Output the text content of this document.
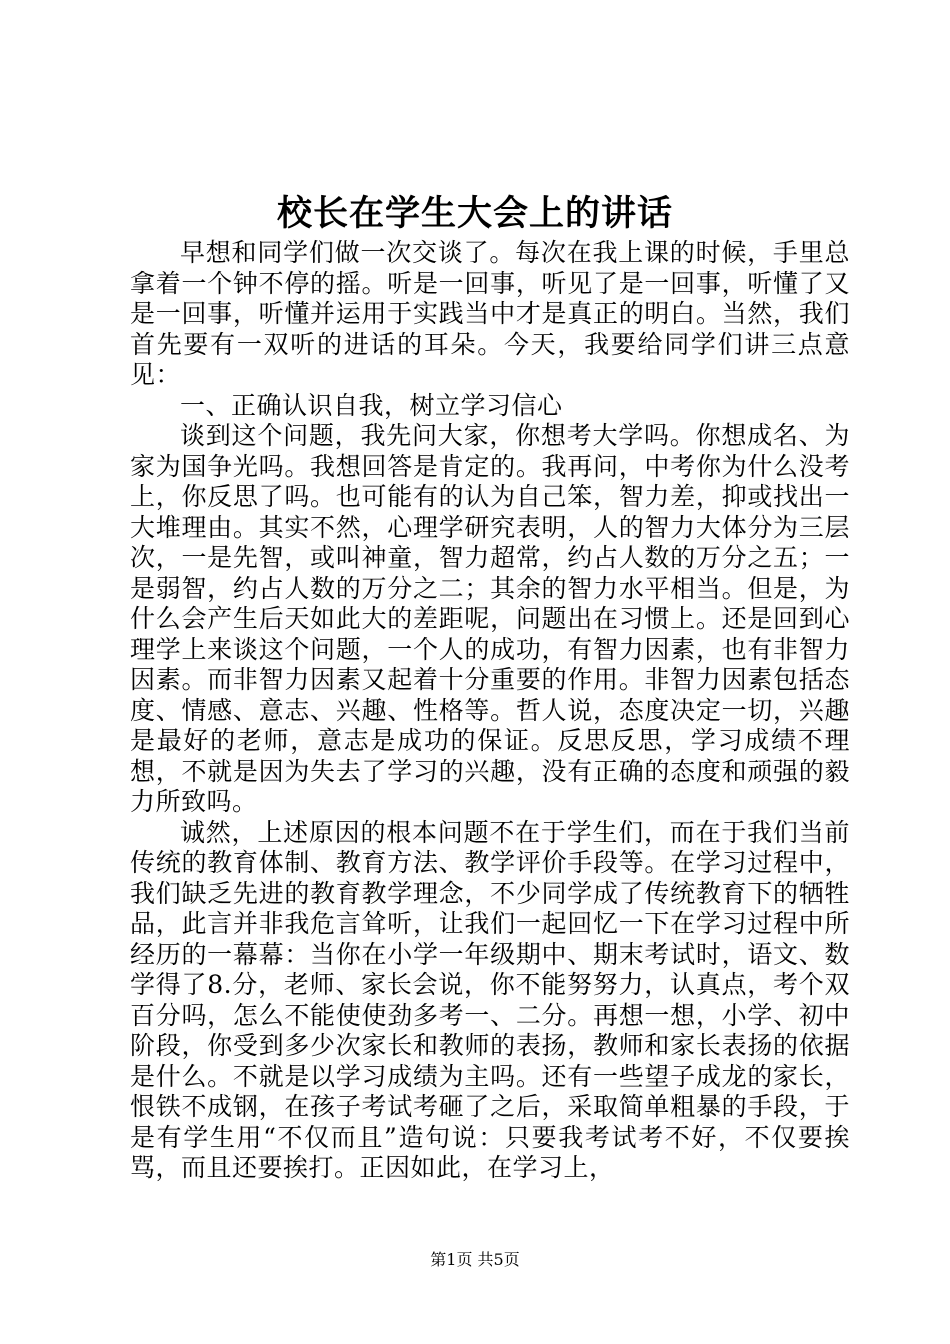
校长在学生大会上的讲话

早想和同学们做一次交谈了。每次在我上课的时候，手里总拿着一个钟不停的摇。听是一回事，听见了是一回事，听懂了又是一回事，听懂并运用于实践当中才是真正的明白。当然，我们首先要有一双听的进话的耳朵。今天，我要给同学们讲三点意见：

一、正确认识自我，树立学习信心

谈到这个问题，我先问大家，你想考大学吗。你想成名、为家为国争光吗。我想回答是肯定的。我再问，中考你为什么没考上，你反思了吗。也可能有的认为自己笨，智力差，抑或找出一大堆理由。其实不然，心理学研究表明，人的智力大体分为三层次，一是先智，或叫神童，智力超常，约占人数的万分之五；一是弱智，约占人数的万分之二；其余的智力水平相当。但是，为什么会产生后天如此大的差距呢，问题出在习惯上。还是回到心理学上来谈这个问题，一个人的成功，有智力因素，也有非智力因素。而非智力因素又起着十分重要的作用。非智力因素包括态度、情感、意志、兴趣、性格等。哲人说，态度决定一切，兴趣是最好的老师，意志是成功的保证。反思反思，学习成绩不理想，不就是因为失去了学习的兴趣，没有正确的态度和顽强的毅力所致吗。

诚然，上述原因的根本问题不在于学生们，而在于我们当前传统的教育体制、教育方法、教学评价手段等。在学习过程中，我们缺乏先进的教育教学理念，不少同学成了传统教育下的牺牲品，此言并非我危言耸听，让我们一起回忆一下在学习过程中所经历的一幕幕：当你在小学一年级期中、期末考试时，语文、数学得了8.分，老师、家长会说，你不能努努力，认真点，考个双百分吗，怎么不能使使劲多考一、二分。再想一想，小学、初中阶段，你受到多少次家长和教师的表扬，教师和家长表扬的依据是什么。不就是以学习成绩为主吗。还有一些望子成龙的家长，恨铁不成钢，在孩子考试考砸了之后，采取简单粗暴的手段，于是有学生用“不仅而且”造句说：只要我考试考不好，不仅要挨骂，而且还要挨打。正因如此，在学习上，

第1页 共5页
